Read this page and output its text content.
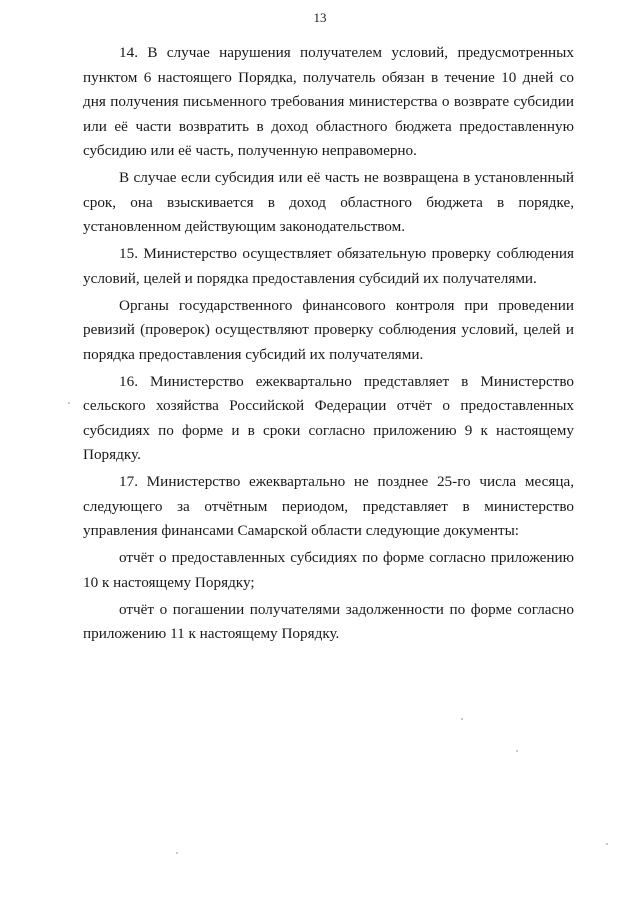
13

14. В случае нарушения получателем условий, предусмотренных пунктом 6 настоящего Порядка, получатель обязан в течение 10 дней со дня получения письменного требования министерства о возврате субсидии или её части возвратить в доход областного бюджета предоставленную субсидию или её часть, полученную неправомерно.

В случае если субсидия или её часть не возвращена в установленный срок, она взыскивается в доход областного бюджета в порядке, установленном действующим законодательством.

15. Министерство осуществляет обязательную проверку соблюдения условий, целей и порядка предоставления субсидий их получателями.

Органы государственного финансового контроля при проведении ревизий (проверок) осуществляют проверку соблюдения условий, целей и порядка предоставления субсидий их получателями.

16. Министерство ежеквартально представляет в Министерство сельского хозяйства Российской Федерации отчёт о предоставленных субсидиях по форме и в сроки согласно приложению 9 к настоящему Порядку.

17. Министерство ежеквартально не позднее 25-го числа месяца, следующего за отчётным периодом, представляет в министерство управления финансами Самарской области следующие документы:

отчёт о предоставленных субсидиях по форме согласно приложению 10 к настоящему Порядку;

отчёт о погашении получателями задолженности по форме согласно приложению 11 к настоящему Порядку.
